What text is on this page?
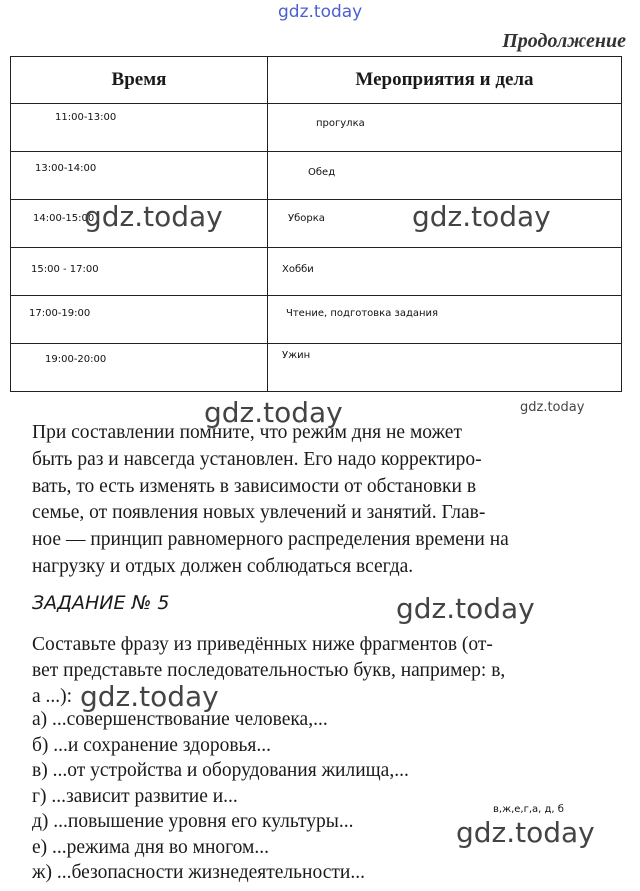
gdz.today
Продолжение
Время	Мероприятия и дела

11:00-13:00	прогулка

13:00-14:00	Обед

14:00-15:00	Уборка

15:00 - 17:00	Хобби

17:00-19:00	Чтение, подготовка задания

19:00-20:00	Ужин
gdz.today	gdz.today
gdz.today	gdz.today
gdz.today
gdz.today
gdz.today
При составлении помните, что режим дня не может
быть раз и навсегда установлен. Его надо корректиро-
вать, то есть изменять в зависимости от обстановки в
семье, от появления новых увлечений и занятий. Глав-
ное — принцип равномерного распределения времени на
нагрузку и отдых должен соблюдаться всегда.
ЗАДАНИЕ № 5
Составьте фразу из приведённых ниже фрагментов (от-
вет представьте последовательностью букв, например: в,
а ...):
а) ...совершенствование человека,...
б) ...и сохранение здоровья...
в) ...от устройства и оборудования жилища,...
г) ...зависит развитие и...
д) ...повышение уровня его культуры...
е) ...режима дня во многом...
ж) ...безопасности жизнедеятельности...
в,ж,е,г,а, д, б
